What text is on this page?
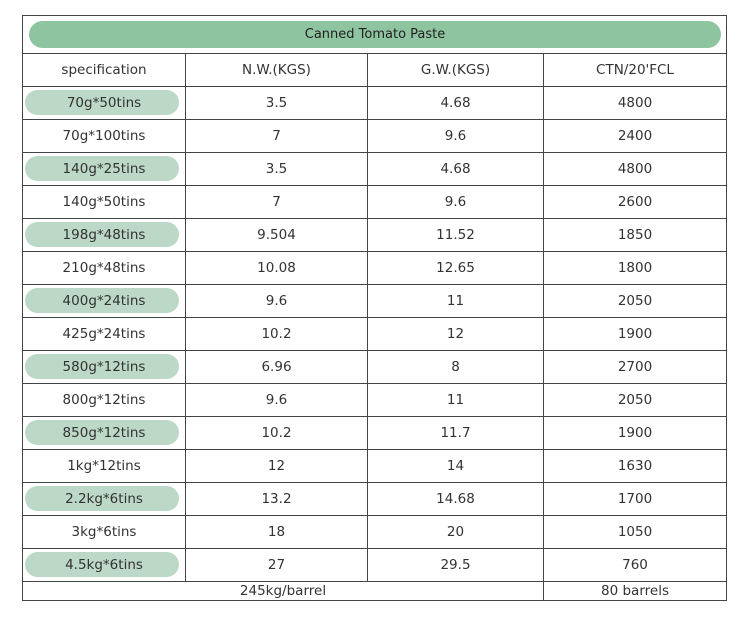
Canned Tomato Paste
specification	N.W.(KGS)	G.W.(KGS)	CTN/20'FCL
70g*50tins	3.5	4.68	4800
70g*100tins	7	9.6	2400
140g*25tins	3.5	4.68	4800
140g*50tins	7	9.6	2600
198g*48tins	9.504	11.52	1850
210g*48tins	10.08	12.65	1800
400g*24tins	9.6	11	2050
425g*24tins	10.2	12	1900
580g*12tins	6.96	8	2700
800g*12tins	9.6	11	2050
850g*12tins	10.2	11.7	1900
1kg*12tins	12	14	1630
2.2kg*6tins	13.2	14.68	1700
3kg*6tins	18	20	1050
4.5kg*6tins	27	29.5	760
245kg/barrel	80 barrels
